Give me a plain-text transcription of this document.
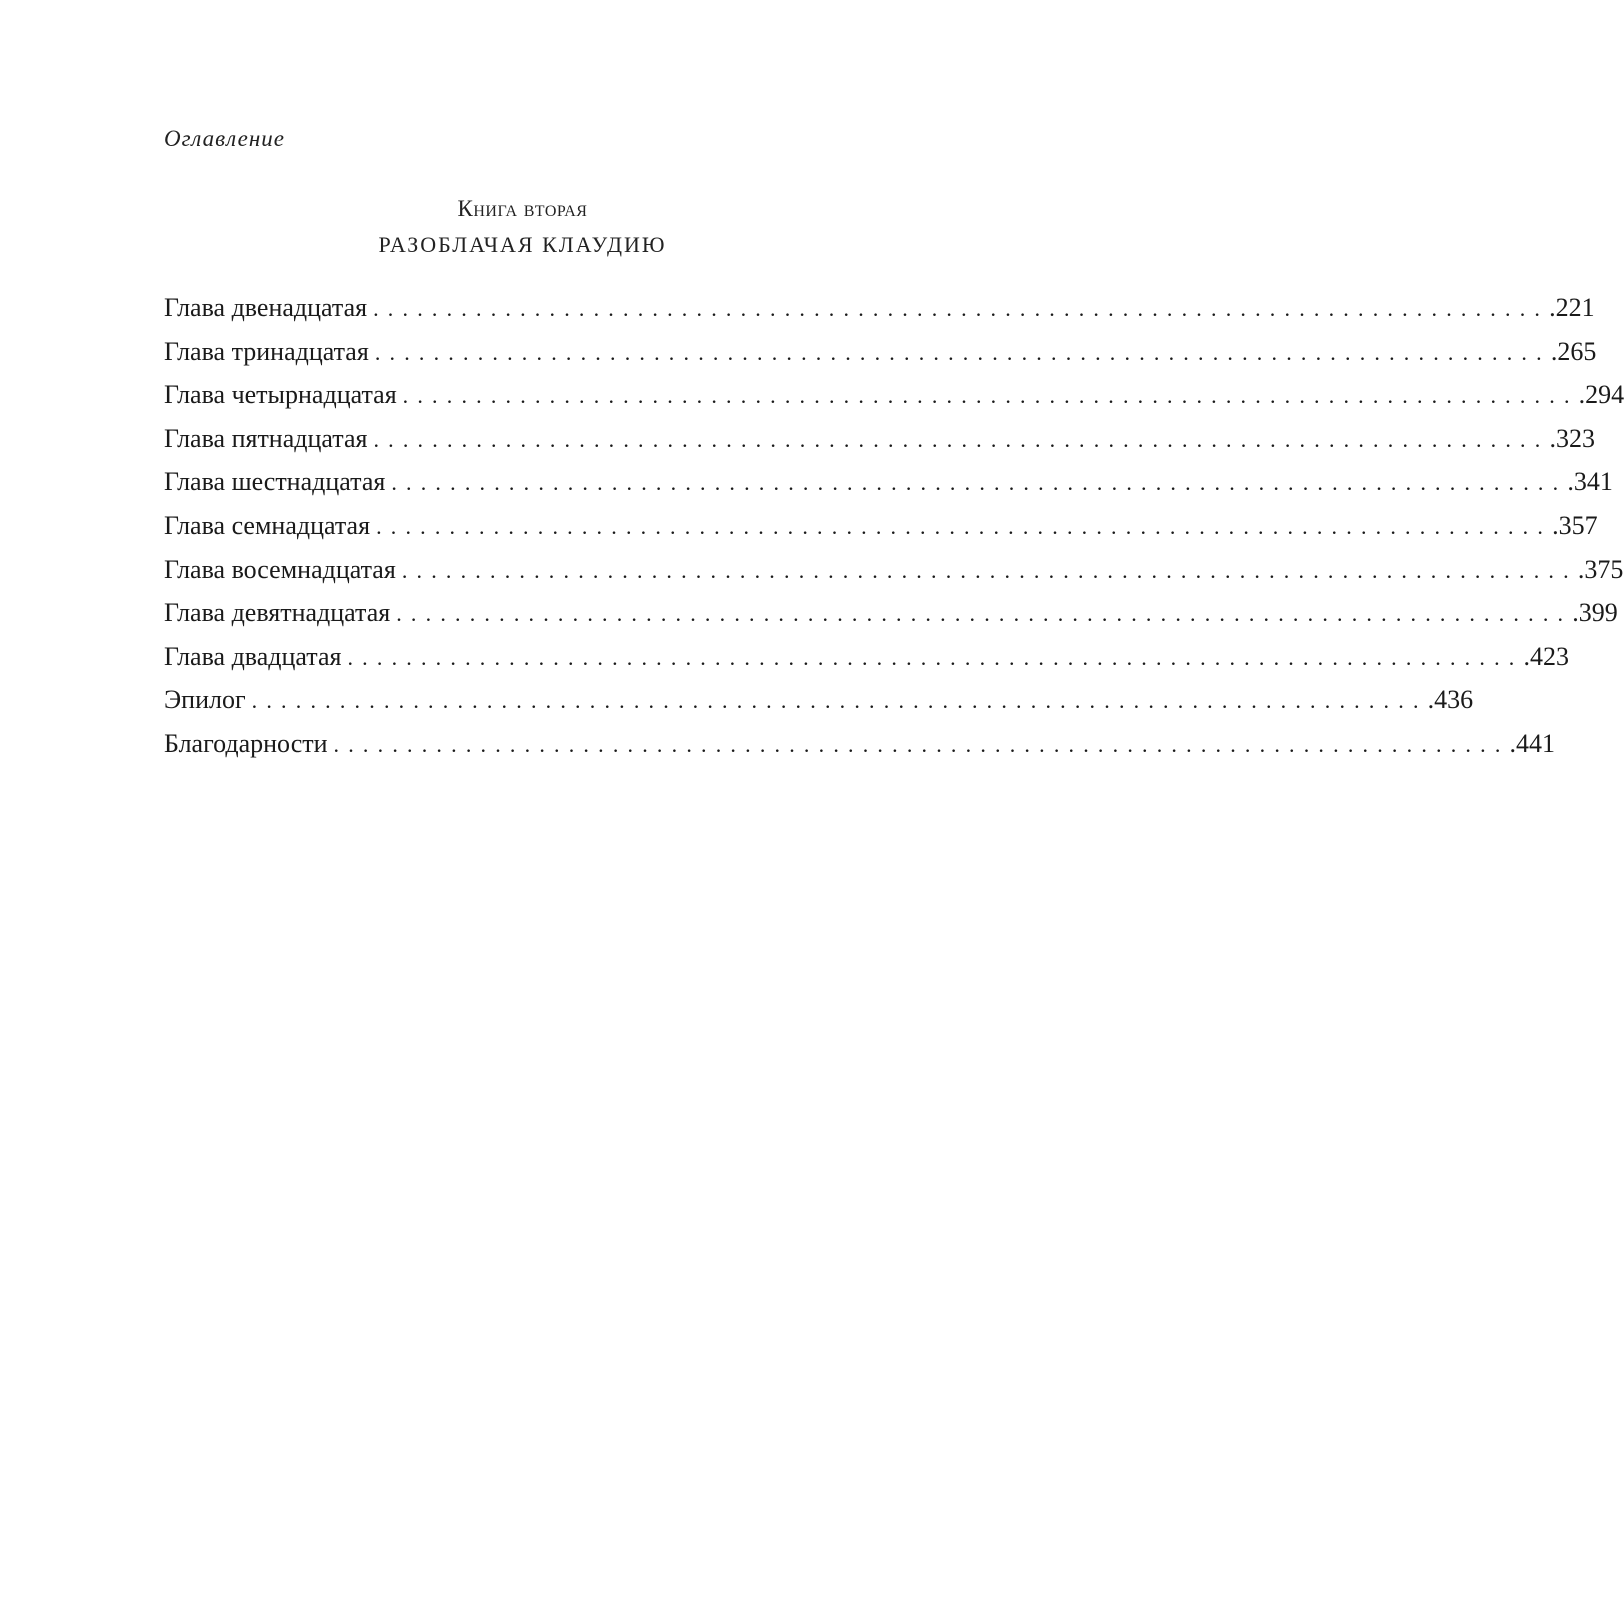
Оглавление
Книга вторая
РАЗОБЛАЧАЯ КЛАУДИЮ
Глава двенадцатая ................................................................................ .221
Глава тринадцатая ................................................................................ .265
Глава четырнадцатая ................................................................................ .294
Глава пятнадцатая ................................................................................ .323
Глава шестнадцатая ................................................................................ .341
Глава семнадцатая ................................................................................ .357
Глава восемнадцатая ................................................................................ .375
Глава девятнадцатая ................................................................................ .399
Глава двадцатая ................................................................................ .423
Эпилог ................................................................................ .436
Благодарности ................................................................................ .441
